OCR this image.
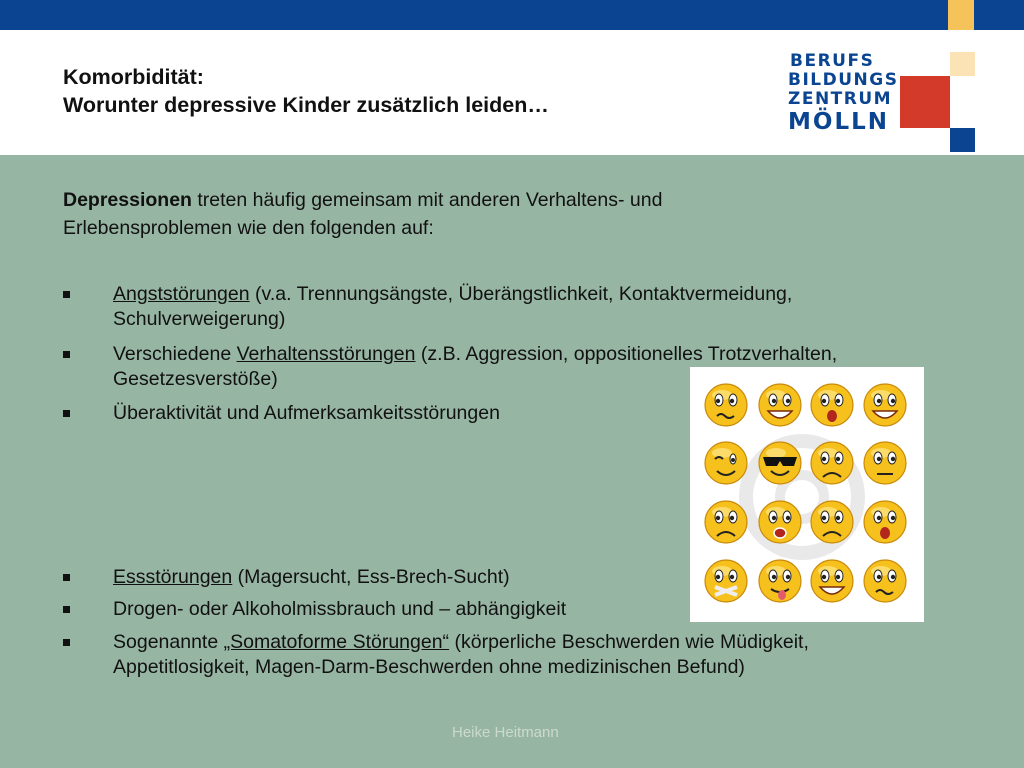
Komorbidität:
Worunter depressive Kinder zusätzlich leiden…
BERUFS
BILDUNGS
ZENTRUM
MÖLLN
Depressionen treten häufig gemeinsam mit anderen Verhaltens- und
Erlebensproblemen wie den folgenden auf:
Angststörungen (v.a. Trennungsängste, Überängstlichkeit, Kontaktvermeidung,
Schulverweigerung)
Verschiedene Verhaltensstörungen (z.B. Aggression, oppositionelles Trotzverhalten,
Gesetzesverstöße)
Überaktivität und Aufmerksamkeitsstörungen
Essstörungen (Magersucht, Ess-Brech-Sucht)
Drogen- oder Alkoholmissbrauch und – abhängigkeit
Sogenannte „Somatoforme Störungen“ (körperliche Beschwerden wie Müdigkeit,
Appetitlosigkeit, Magen-Darm-Beschwerden ohne medizinischen Befund)
Heike Heitmann
